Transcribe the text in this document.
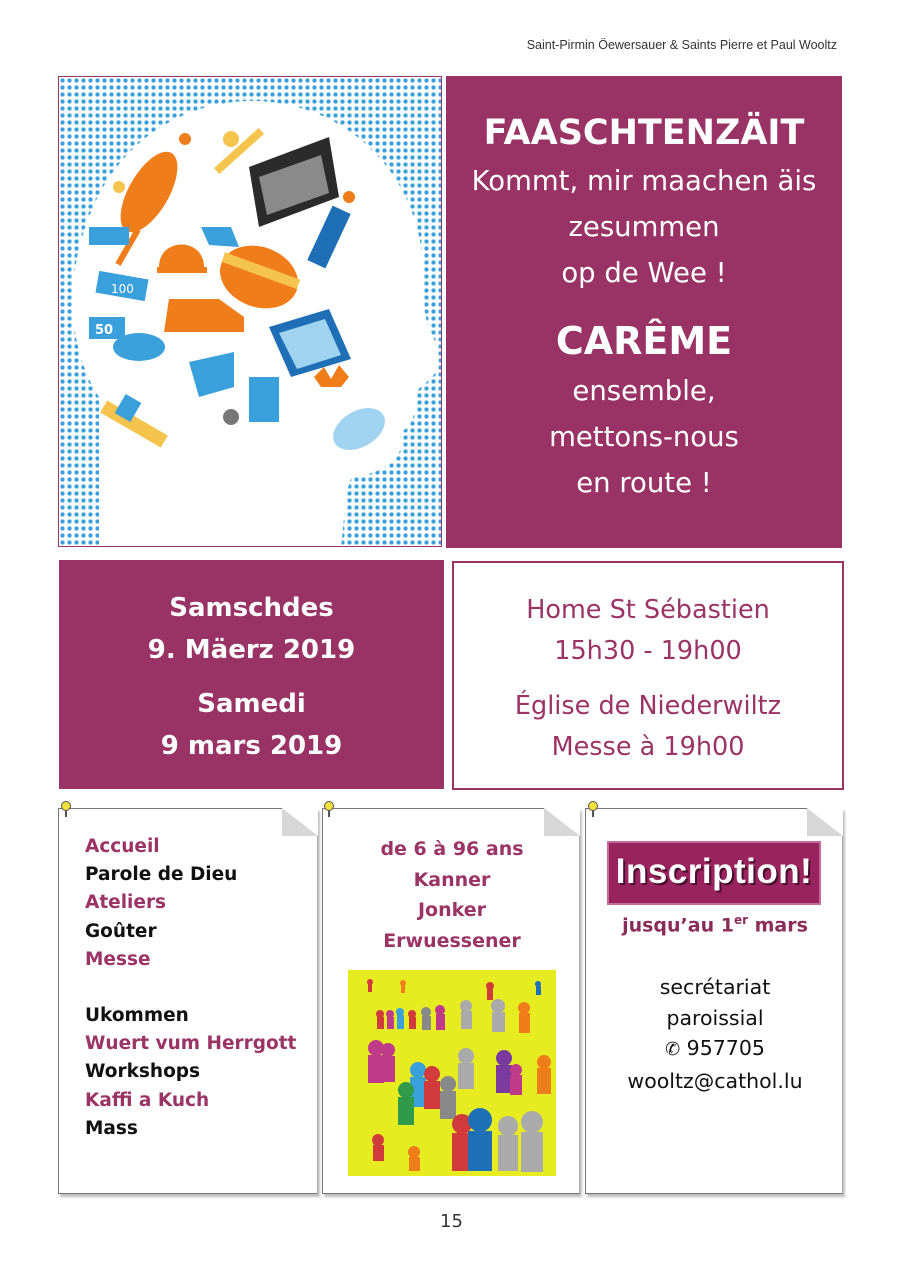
Saint-Pirmin Öewersauer & Saints Pierre et Paul Wooltz
100
50

FAASCHTENZÄIT

Kommt, mir maachen äis

zesummen

op de Wee !

CARÊME

ensemble,

mettons-nous

en route !

Samschdes

9. Mäerz 2019

Samedi

9 mars 2019

Home St Sébastien

15h30 - 19h00

Église de Niederwiltz

Messe à 19h00

Accueil
Parole de Dieu
Ateliers
Goûter
Messe
Ukommen
Wuert vum Herrgott
Workshops
Kaffi a Kuch
Mass
de 6 à 96 ans
Kanner
Jonker
Erwuessener
jusqu’au 1er mars
secrétariat
paroissial
✆ 957705
wooltz@cathol.lu
Inscription!
15
